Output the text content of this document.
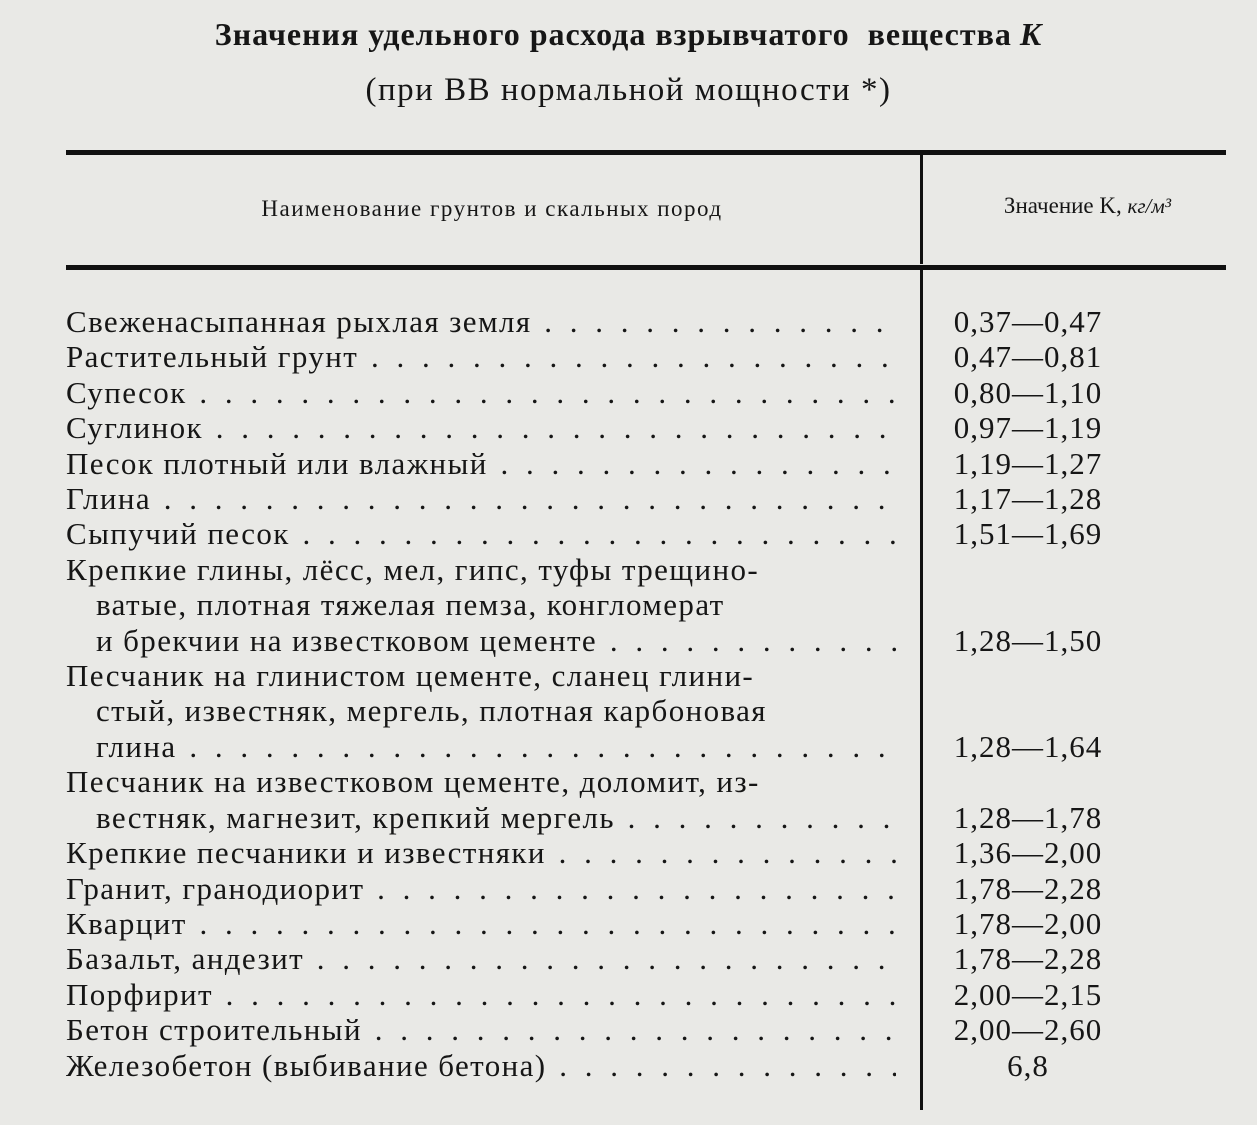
Значения удельного расхода взрывчатого  вещества K
(при ВВ нормальной мощности *)
Наименование грунтов и скальных пород	Значение K, кг/м³
Свеженасыпанная рыхлая земля . . .	0,37—0,47
Растительный грунт . . .	0,47—0,81
Супесок . . .	0,80—1,10
Суглинок . . .	0,97—1,19
Песок плотный или влажный . . .	1,19—1,27
Глина . . .	1,17—1,28
Сыпучий песок . . .	1,51—1,69
Крепкие глины, лёсс, мел, гипс, туфы трещино-
ватые, плотная тяжелая пемза, конгломерат
и брекчии на известковом цементе . . .	1,28—1,50
Песчаник на глинистом цементе, сланец глини-
стый, известняк, мергель, плотная карбоновая
глина . . .	1,28—1,64
Песчаник на известковом цементе, доломит, из-
вестняк, магнезит, крепкий мергель . . .	1,28—1,78
Крепкие песчаники и известняки . . .	1,36—2,00
Гранит, гранодиорит . . .	1,78—2,28
Кварцит . . .	1,78—2,00
Базальт, андезит . . .	1,78—2,28
Порфирит . . .	2,00—2,15
Бетон строительный . . .	2,00—2,60
Железобетон (выбивание бетона) . . .	6,8
